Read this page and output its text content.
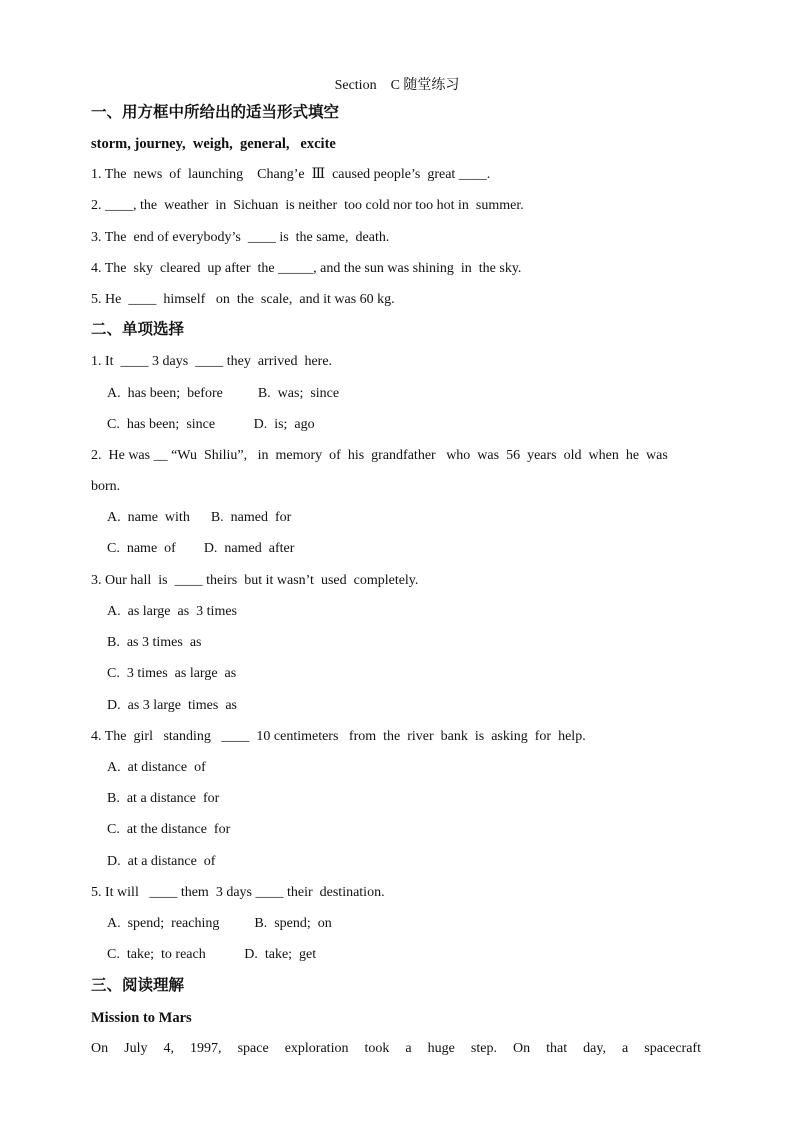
Section    C 随堂练习
一、用方框中所给出的适当形式填空
storm, journey,  weigh,  general,   excite
1. The  news  of  launching    Chang’e  Ⅲ  caused people’s  great ____.
2. ____, the  weather  in  Sichuan  is neither  too cold nor too hot in  summer.
3. The  end of everybody’s  ____ is  the same,  death.
4. The  sky  cleared  up after  the _____, and the sun was shining  in  the sky.
5. He  ____  himself   on  the  scale,  and it was 60 kg.
二、单项选择
1. It  ____ 3 days  ____ they  arrived  here.
A.  has been;  before          B.  was;  since
C.  has been;  since           D.  is;  ago
2.  He was __ “Wu  Shiliu”,   in  memory  of  his  grandfather   who  was  56  years  old  when  he  was
born.
A.  name  with      B.  named  for
C.  name  of        D.  named  after
3. Our hall  is  ____ theirs  but it wasn’t  used  completely.
A.  as large  as  3 times
B.  as 3 times  as
C.  3 times  as large  as
D.  as 3 large  times  as
4. The  girl   standing   ____  10 centimeters   from  the  river  bank  is  asking  for  help.
A.  at distance  of
B.  at a distance  for
C.  at the distance  for
D.  at a distance  of
5. It will   ____ them  3 days ____ their  destination.
A.  spend;  reaching          B.  spend;  on
C.  take;  to reach           D.  take;  get
三、阅读理解
Mission to Mars
On July 4, 1997, space exploration took a huge step. On that day, a spacecraft
